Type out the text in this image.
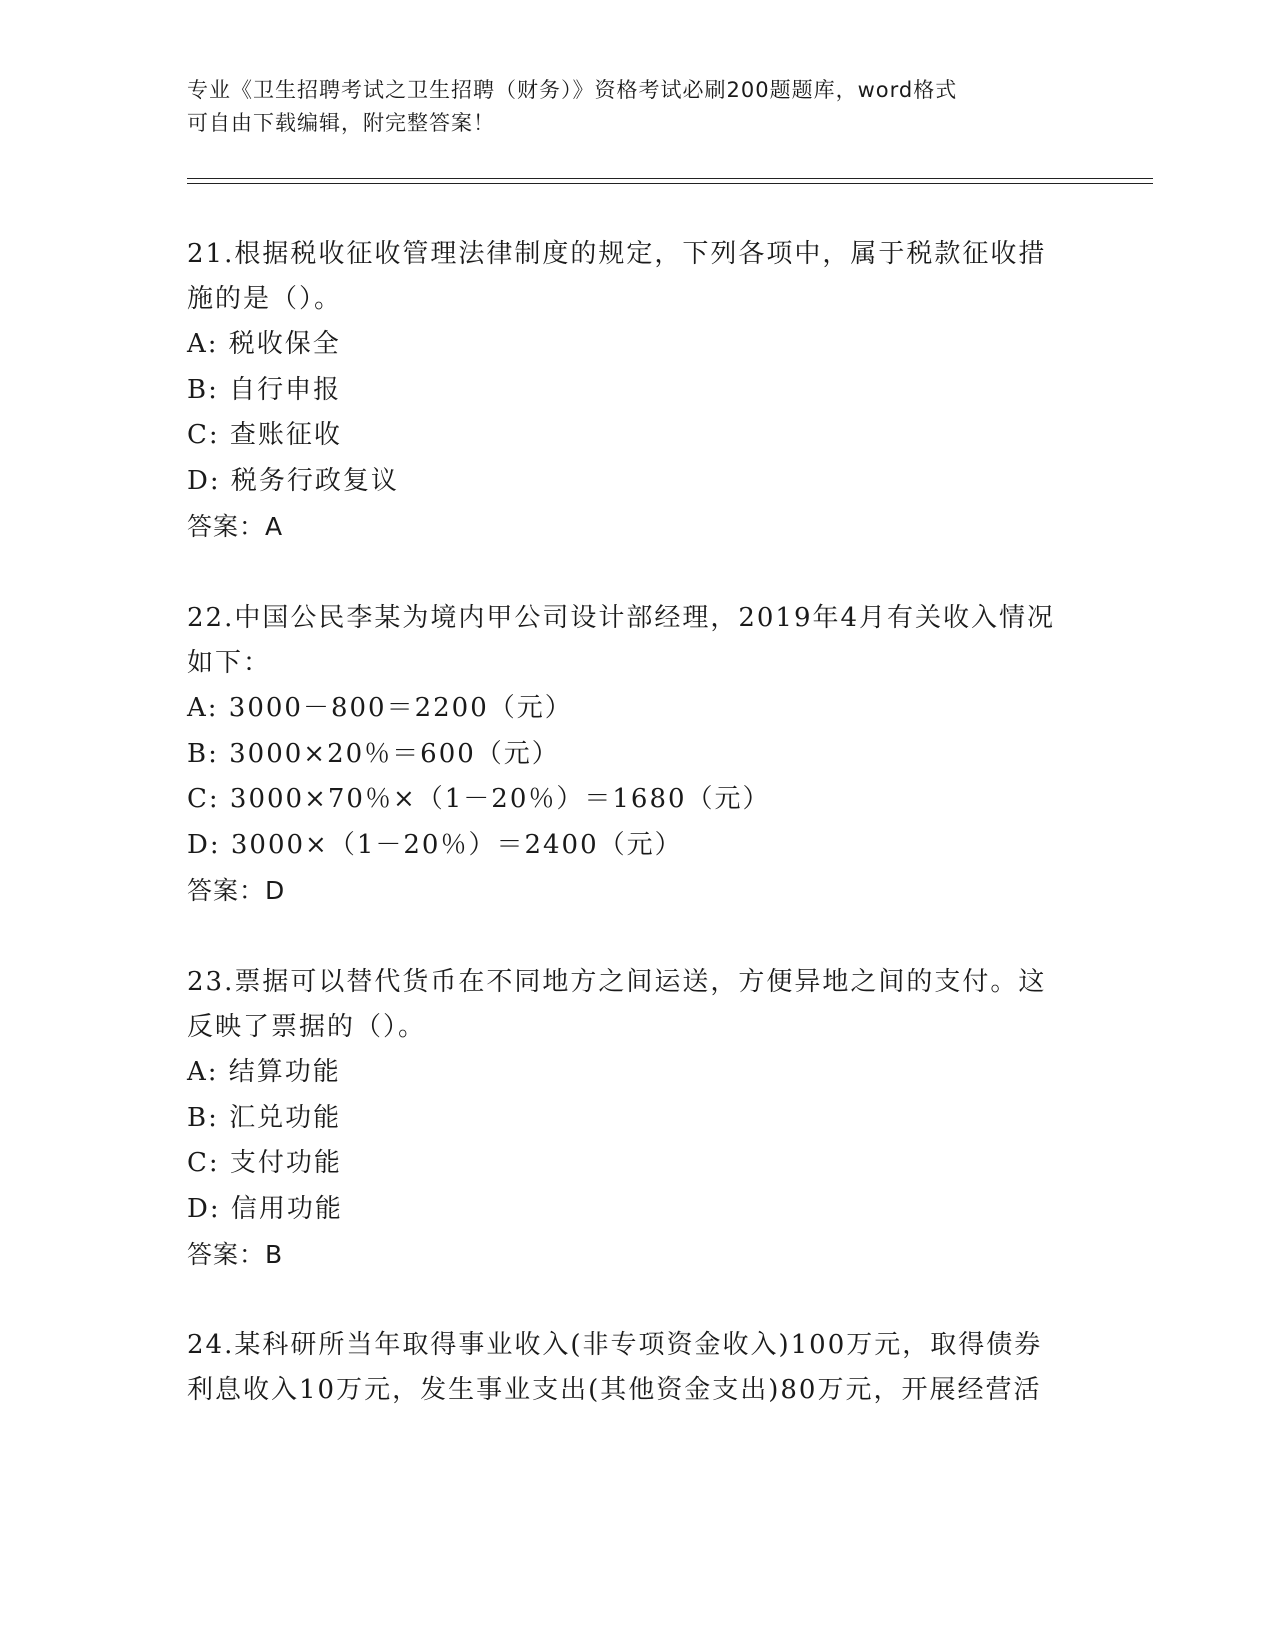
专业《卫生招聘考试之卫生招聘（财务）》资格考试必刷200题题库，word格式
可自由下载编辑，附完整答案！
21.根据税收征收管理法律制度的规定，下列各项中，属于税款征收措
施的是（）。
A: 税收保全
B: 自行申报
C: 查账征收
D: 税务行政复议
答案：A
22.中国公民李某为境内甲公司设计部经理，2019年4月有关收入情况
如下：
A: 3000－800＝2200（元）
B: 3000×20％＝600（元）
C: 3000×70％×（1－20％）＝1680（元）
D: 3000×（1－20％）＝2400（元）
答案：D
23.票据可以替代货币在不同地方之间运送，方便异地之间的支付。这
反映了票据的（）。
A: 结算功能
B: 汇兑功能
C: 支付功能
D: 信用功能
答案：B
24.某科研所当年取得事业收入(非专项资金收入)100万元，取得债券
利息收入10万元，发生事业支出(其他资金支出)80万元，开展经营活
